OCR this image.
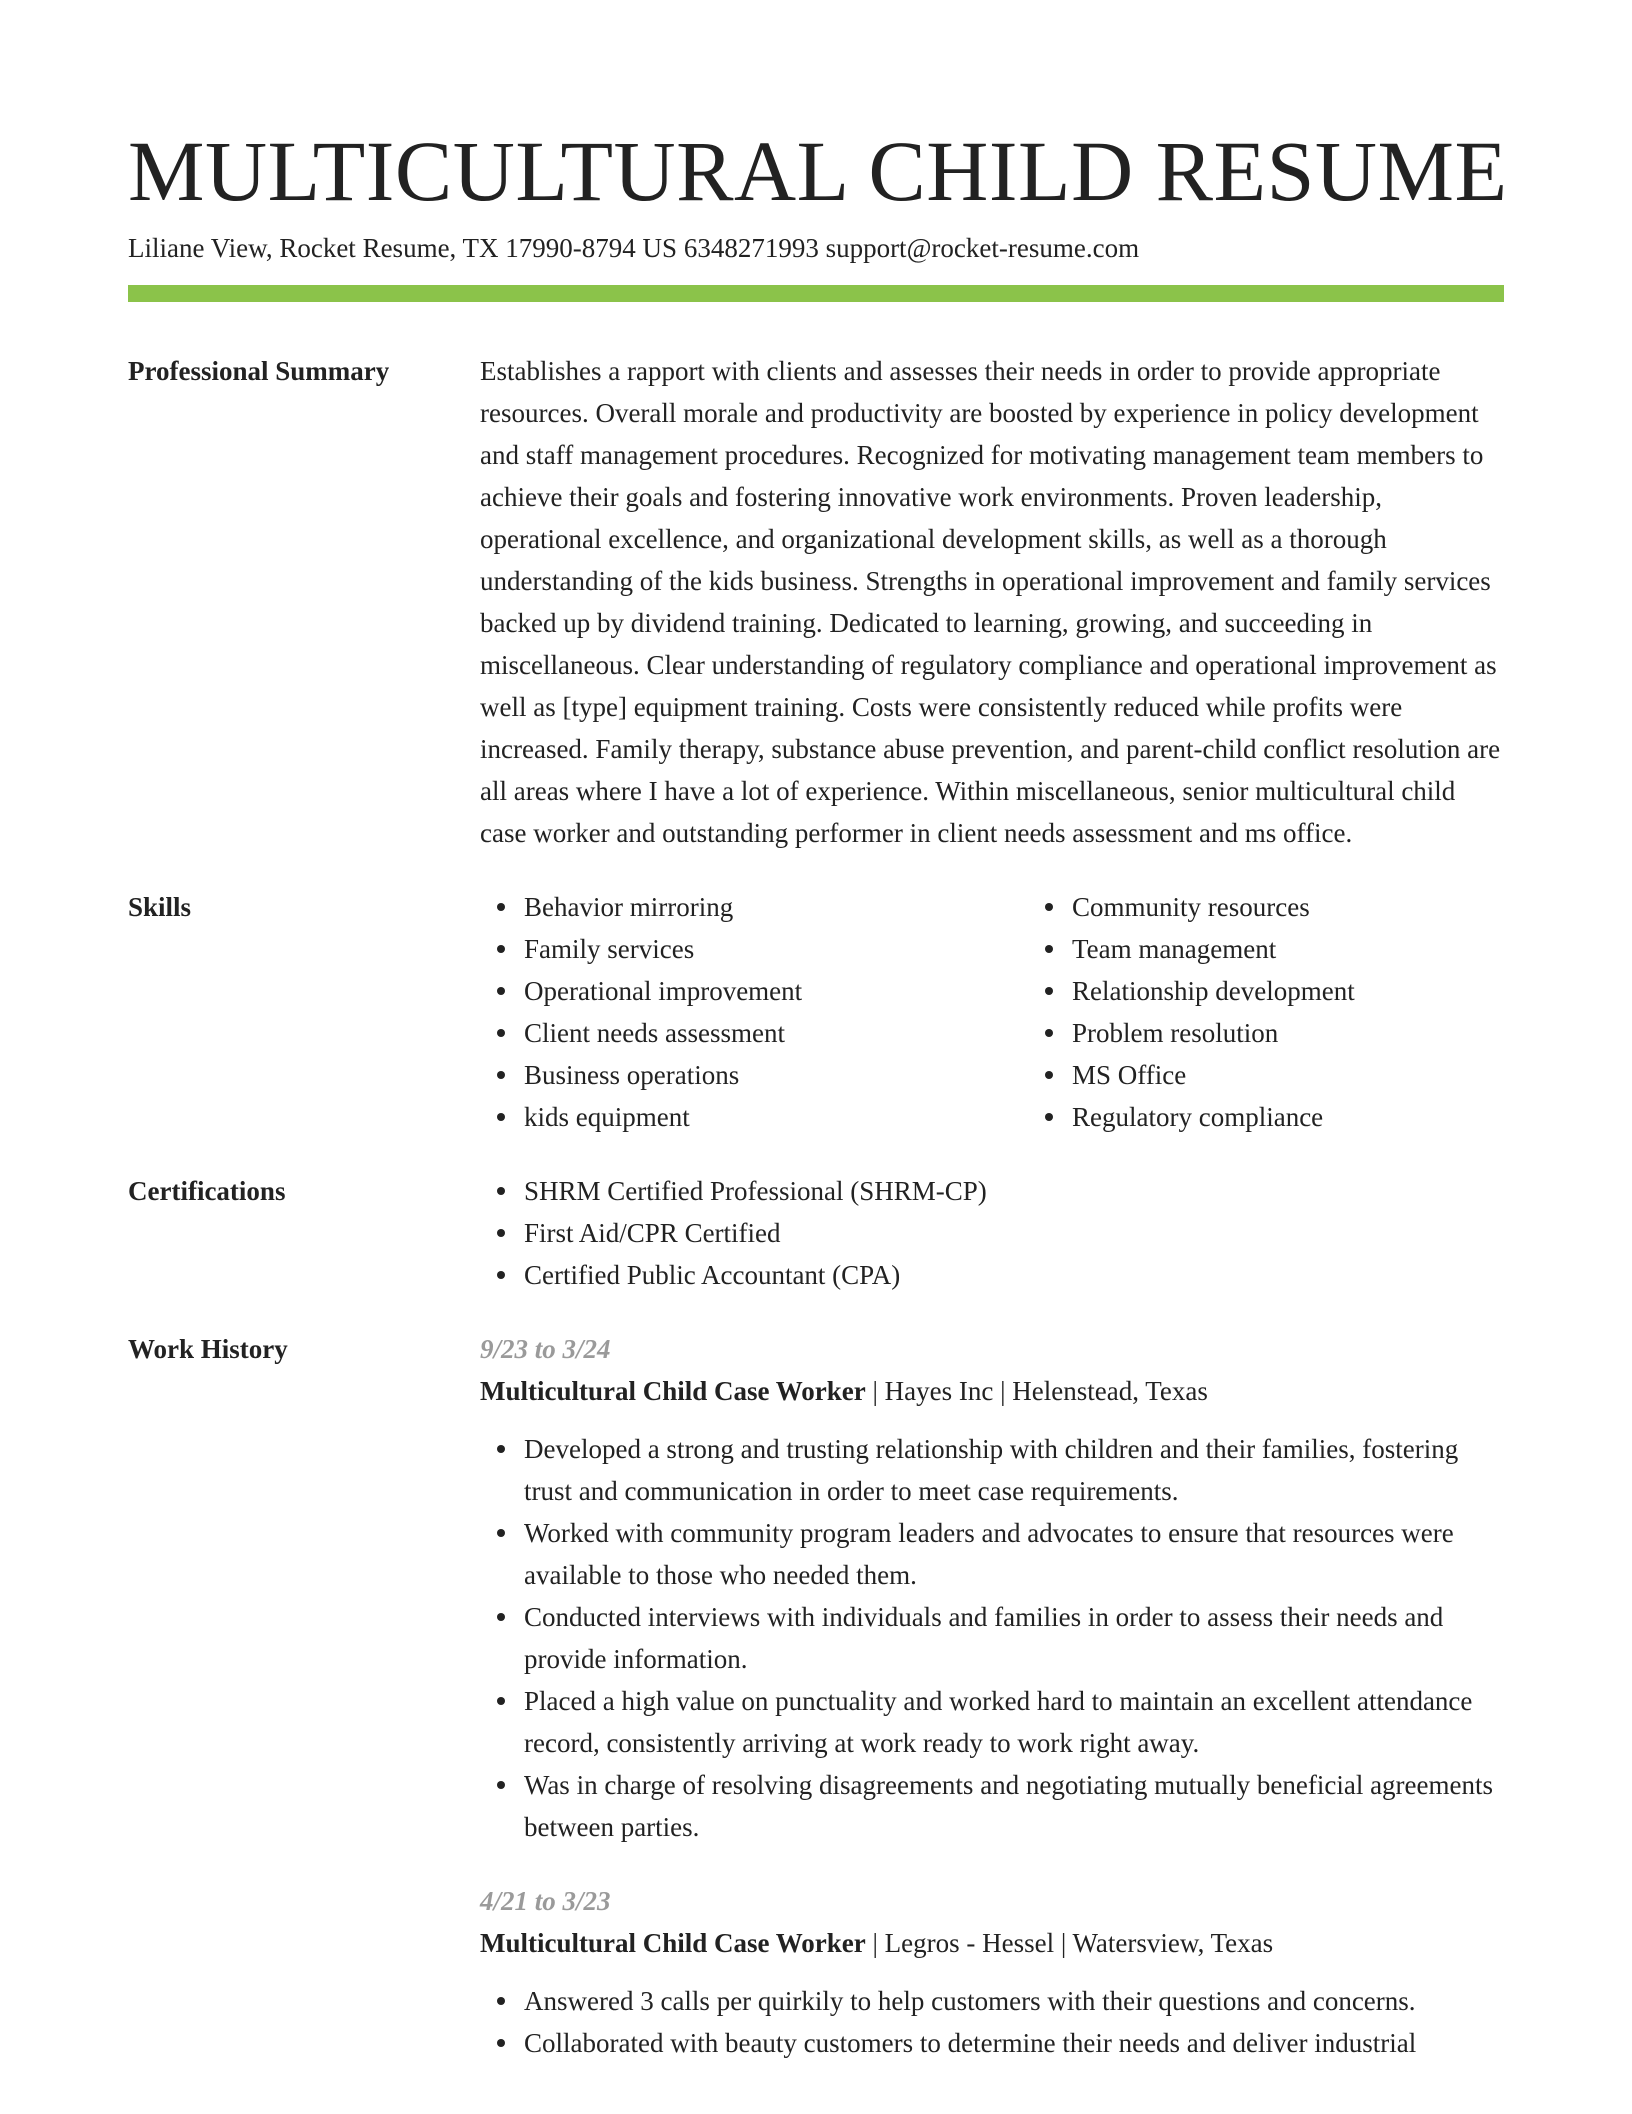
MULTICULTURAL CHILD RESUME
Liliane View, Rocket Resume, TX 17990-8794 US 6348271993 support@rocket-resume.com
Professional Summary	Establishes a rapport with clients and assesses their needs in order to provide appropriate resources. Overall morale and productivity are boosted by experience in policy development and staff management procedures. Recognized for motivating management team members to achieve their goals and fostering innovative work environments. Proven leadership, operational excellence, and organizational development skills, as well as a thorough understanding of the kids business. Strengths in operational improvement and family services backed up by dividend training. Dedicated to learning, growing, and succeeding in miscellaneous. Clear understanding of regulatory compliance and operational improvement as well as [type] equipment training. Costs were consistently reduced while profits were increased. Family therapy, substance abuse prevention, and parent-child conflict resolution are all areas where I have a lot of experience. Within miscellaneous, senior multicultural child case worker and outstanding performer in client needs assessment and ms office.

Skills	Behavior mirroring
Family services
Operational improvement
Client needs assessment
Business operations
kids equipment
Community resources
Team management
Relationship development
Problem resolution
MS Office
Regulatory compliance
Certifications	SHRM Certified Professional (SHRM-CP)
First Aid/CPR Certified
Certified Public Accountant (CPA)
Work History	9/23 to 3/24
Multicultural Child Case Worker | Hayes Inc | Helenstead, Texas
Developed a strong and trusting relationship with children and their families, fostering trust and communication in order to meet case requirements.
Worked with community program leaders and advocates to ensure that resources were available to those who needed them.
Conducted interviews with individuals and families in order to assess their needs and provide information.
Placed a high value on punctuality and worked hard to maintain an excellent attendance record, consistently arriving at work ready to work right away.
Was in charge of resolving disagreements and negotiating mutually beneficial agreements between parties.
4/21 to 3/23
Multicultural Child Case Worker | Legros - Hessel | Watersview, Texas
Answered 3 calls per quirkily to help customers with their questions and concerns.
Collaborated with beauty customers to determine their needs and deliver industrial
